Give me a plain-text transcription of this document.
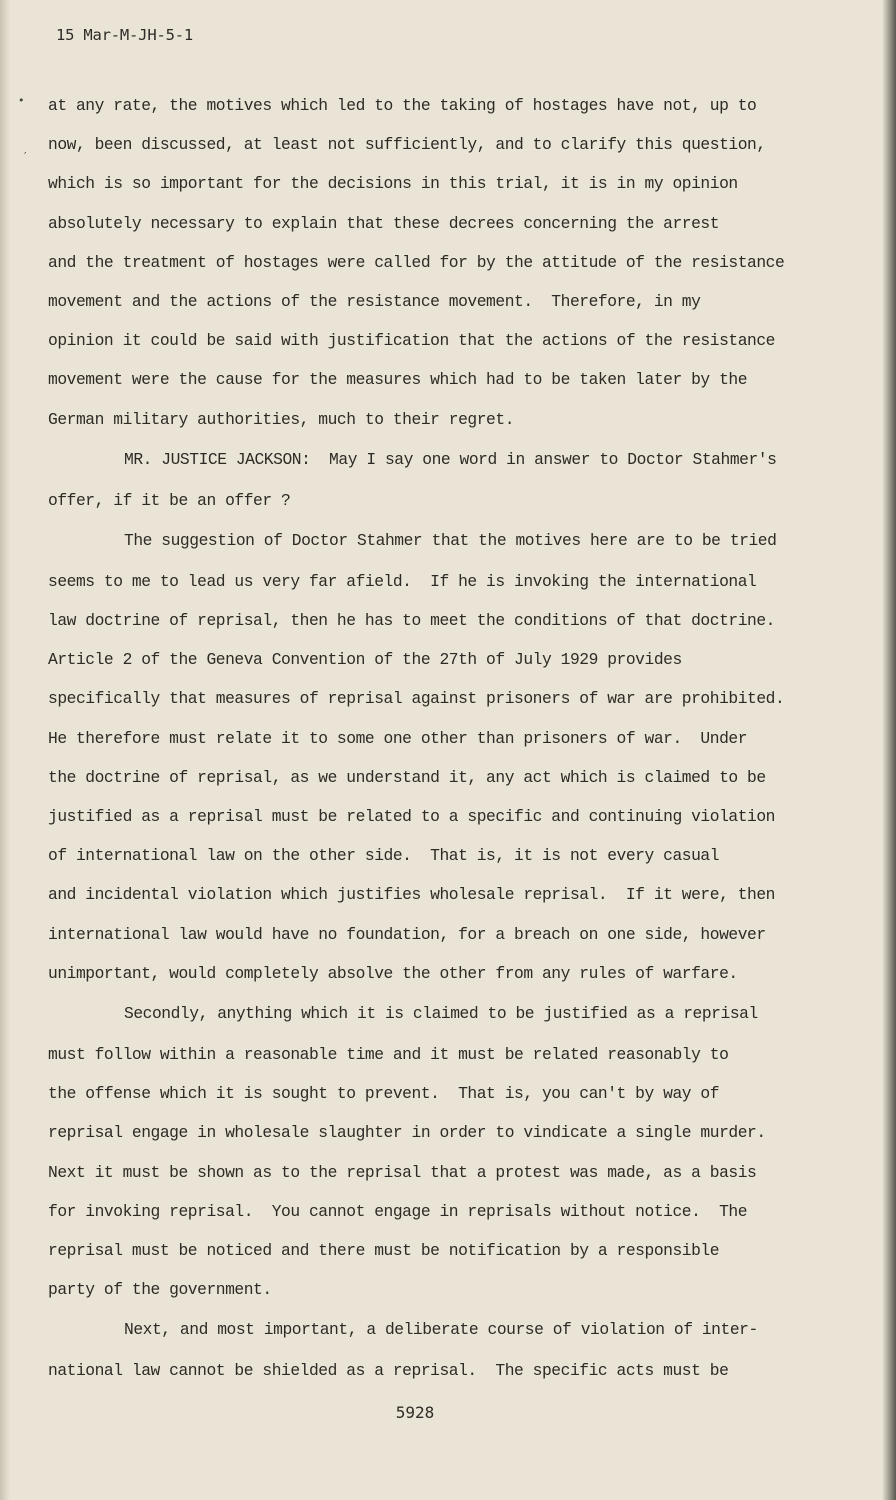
•
′
15 Mar-M-JH-5-1
at any rate, the motives which led to the taking of hostages have not, up to
now, been discussed, at least not sufficiently, and to clarify this question,
which is so important for the decisions in this trial, it is in my opinion
absolutely necessary to explain that these decrees concerning the arrest
and the treatment of hostages were called for by the attitude of the resistance
movement and the actions of the resistance movement.  Therefore, in my
opinion it could be said with justification that the actions of the resistance
movement were the cause for the measures which had to be taken later by the
German military authorities, much to their regret.
MR. JUSTICE JACKSON:  May I say one word in answer to Doctor Stahmer's
offer, if it be an offer ?
The suggestion of Doctor Stahmer that the motives here are to be tried
seems to me to lead us very far afield.  If he is invoking the international
law doctrine of reprisal, then he has to meet the conditions of that doctrine.
Article 2 of the Geneva Convention of the 27th of July 1929 provides
specifically that measures of reprisal against prisoners of war are prohibited.
He therefore must relate it to some one other than prisoners of war.  Under
the doctrine of reprisal, as we understand it, any act which is claimed to be
justified as a reprisal must be related to a specific and continuing violation
of international law on the other side.  That is, it is not every casual
and incidental violation which justifies wholesale reprisal.  If it were, then
international law would have no foundation, for a breach on one side, however
unimportant, would completely absolve the other from any rules of warfare.
Secondly, anything which it is claimed to be justified as a reprisal
must follow within a reasonable time and it must be related reasonably to
the offense which it is sought to prevent.  That is, you can't by way of
reprisal engage in wholesale slaughter in order to vindicate a single murder.
Next it must be shown as to the reprisal that a protest was made, as a basis
for invoking reprisal.  You cannot engage in reprisals without notice.  The
reprisal must be noticed and there must be notification by a responsible
party of the government.
Next, and most important, a deliberate course of violation of inter-
national law cannot be shielded as a reprisal.  The specific acts must be
5928
